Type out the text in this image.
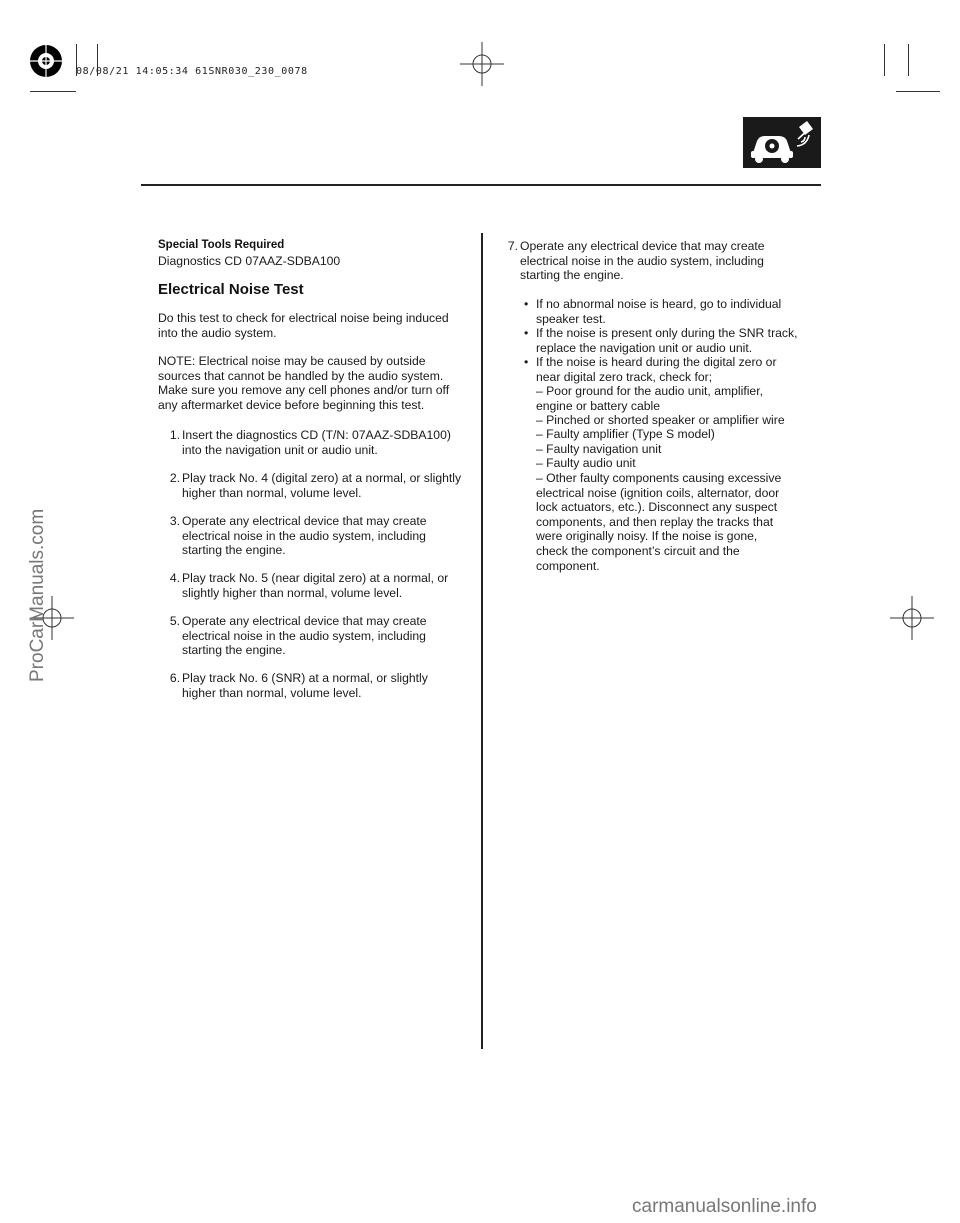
08/08/21 14:05:34 61SNR030_230_0078
Special Tools Required
Diagnostics CD 07AAZ-SDBA100
Electrical Noise Test
Do this test to check for electrical noise being induced
into the audio system.
NOTE: Electrical noise may be caused by outside
sources that cannot be handled by the audio system.
Make sure you remove any cell phones and/or turn off
any aftermarket device before beginning this test.
1. Insert the diagnostics CD (T/N: 07AAZ-SDBA100)
into the navigation unit or audio unit.
2. Play track No. 4 (digital zero) at a normal, or slightly
higher than normal, volume level.
3. Operate any electrical device that may create
electrical noise in the audio system, including
starting the engine.
4. Play track No. 5 (near digital zero) at a normal, or
slightly higher than normal, volume level.
5. Operate any electrical device that may create
electrical noise in the audio system, including
starting the engine.
6. Play track No. 6 (SNR) at a normal, or slightly
higher than normal, volume level.
7. Operate any electrical device that may create
electrical noise in the audio system, including
starting the engine.
• If no abnormal noise is heard, go to individual
speaker test.
• If the noise is present only during the SNR track,
replace the navigation unit or audio unit.
• If the noise is heard during the digital zero or
near digital zero track, check for;
– Poor ground for the audio unit, amplifier,
engine or battery cable
– Pinched or shorted speaker or amplifier wire
– Faulty amplifier (Type S model)
– Faulty navigation unit
– Faulty audio unit
– Other faulty components causing excessive
electrical noise (ignition coils, alternator, door
lock actuators, etc.). Disconnect any suspect
components, and then replay the tracks that
were originally noisy. If the noise is gone,
check the component’s circuit and the
component.
ProCarManuals.com
carmanualsonline.info
